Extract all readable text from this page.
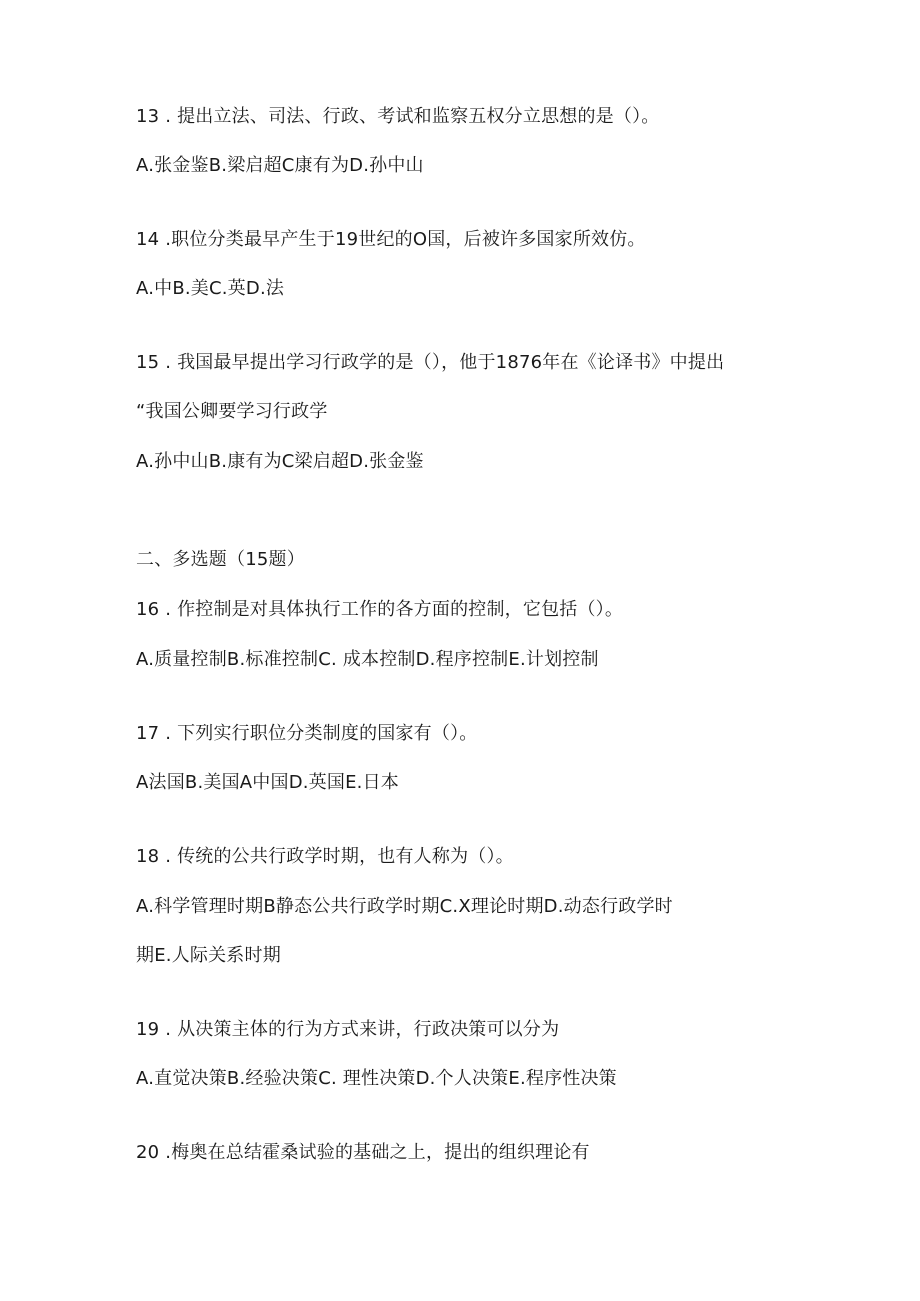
13 . 提出立法、司法、行政、考试和监察五权分立思想的是（）。
A.张金鉴B.梁启超C康有为D.孙中山
14 .职位分类最早产生于19世纪的O国，后被许多国家所效仿。
A.中B.美C.英D.法
15 . 我国最早提出学习行政学的是（），他于1876年在《论译书》中提出
“我国公卿要学习行政学
A.孙中山B.康有为C梁启超D.张金鉴
二、多选题（15题）
16 . 作控制是对具体执行工作的各方面的控制，它包括（）。
A.质量控制B.标准控制C. 成本控制D.程序控制E.计划控制
17 . 下列实行职位分类制度的国家有（）。
A法国B.美国A中国D.英国E.日本
18 . 传统的公共行政学时期，也有人称为（）。
A.科学管理时期B静态公共行政学时期C.X理论时期D.动态行政学时
期E.人际关系时期
19 . 从决策主体的行为方式来讲，行政决策可以分为
A.直觉决策B.经验决策C. 理性决策D.个人决策E.程序性决策
20 .梅奥在总结霍桑试验的基础之上，提出的组织理论有
